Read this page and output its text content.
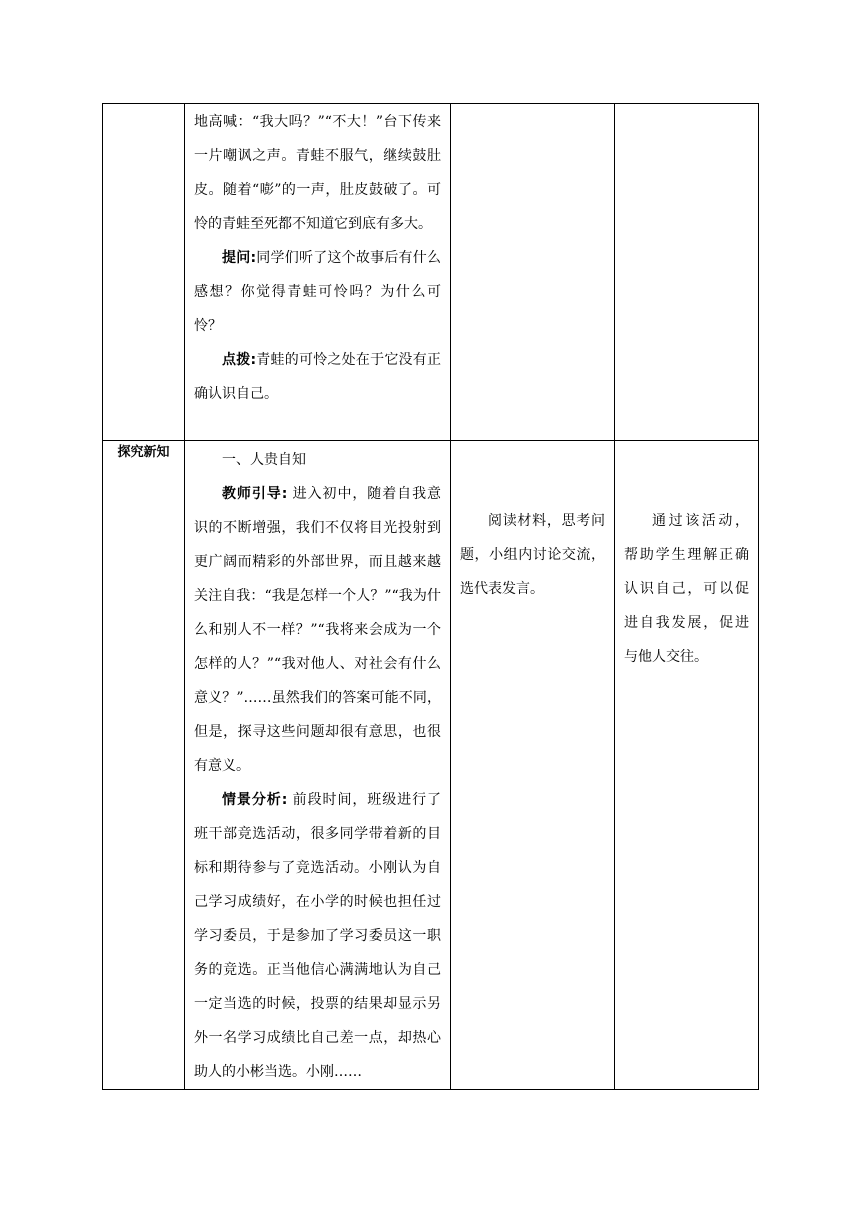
	地高喊：“我大吗？”“不大！”台下传来一片嘲讽之声。青蛙不服气，继续鼓肚皮。随着“嘭”的一声，肚皮鼓破了。可怜的青蛙至死都不知道它到底有多大。

提问:同学们听了这个故事后有什么感想？你觉得青蛙可怜吗？为什么可怜？

点拨:青蛙的可怜之处在于它没有正确认识自己。		

探究新知	一、人贵自知

教师引导: 进入初中，随着自我意识的不断增强，我们不仅将目光投射到更广阔而精彩的外部世界，而且越来越关注自我：“我是怎样一个人？”“我为什么和别人不一样？”“我将来会成为一个怎样的人？”“我对他人、对社会有什么意义？”……虽然我们的答案可能不同，但是，探寻这些问题却很有意思，也很有意义。

情景分析: 前段时间，班级进行了班干部竞选活动，很多同学带着新的目标和期待参与了竞选活动。小刚认为自己学习成绩好，在小学的时候也担任过学习委员，于是参加了学习委员这一职务的竞选。正当他信心满满地认为自己一定当选的时候，投票的结果却显示另外一名学习成绩比自己差一点，却热心助人的小彬当选。小刚……	阅读材料，思考问题，小组内讨论交流，选代表发言。	通过该活动，帮助学生理解正确认识自己，可以促进自我发展，促进与他人交往。
